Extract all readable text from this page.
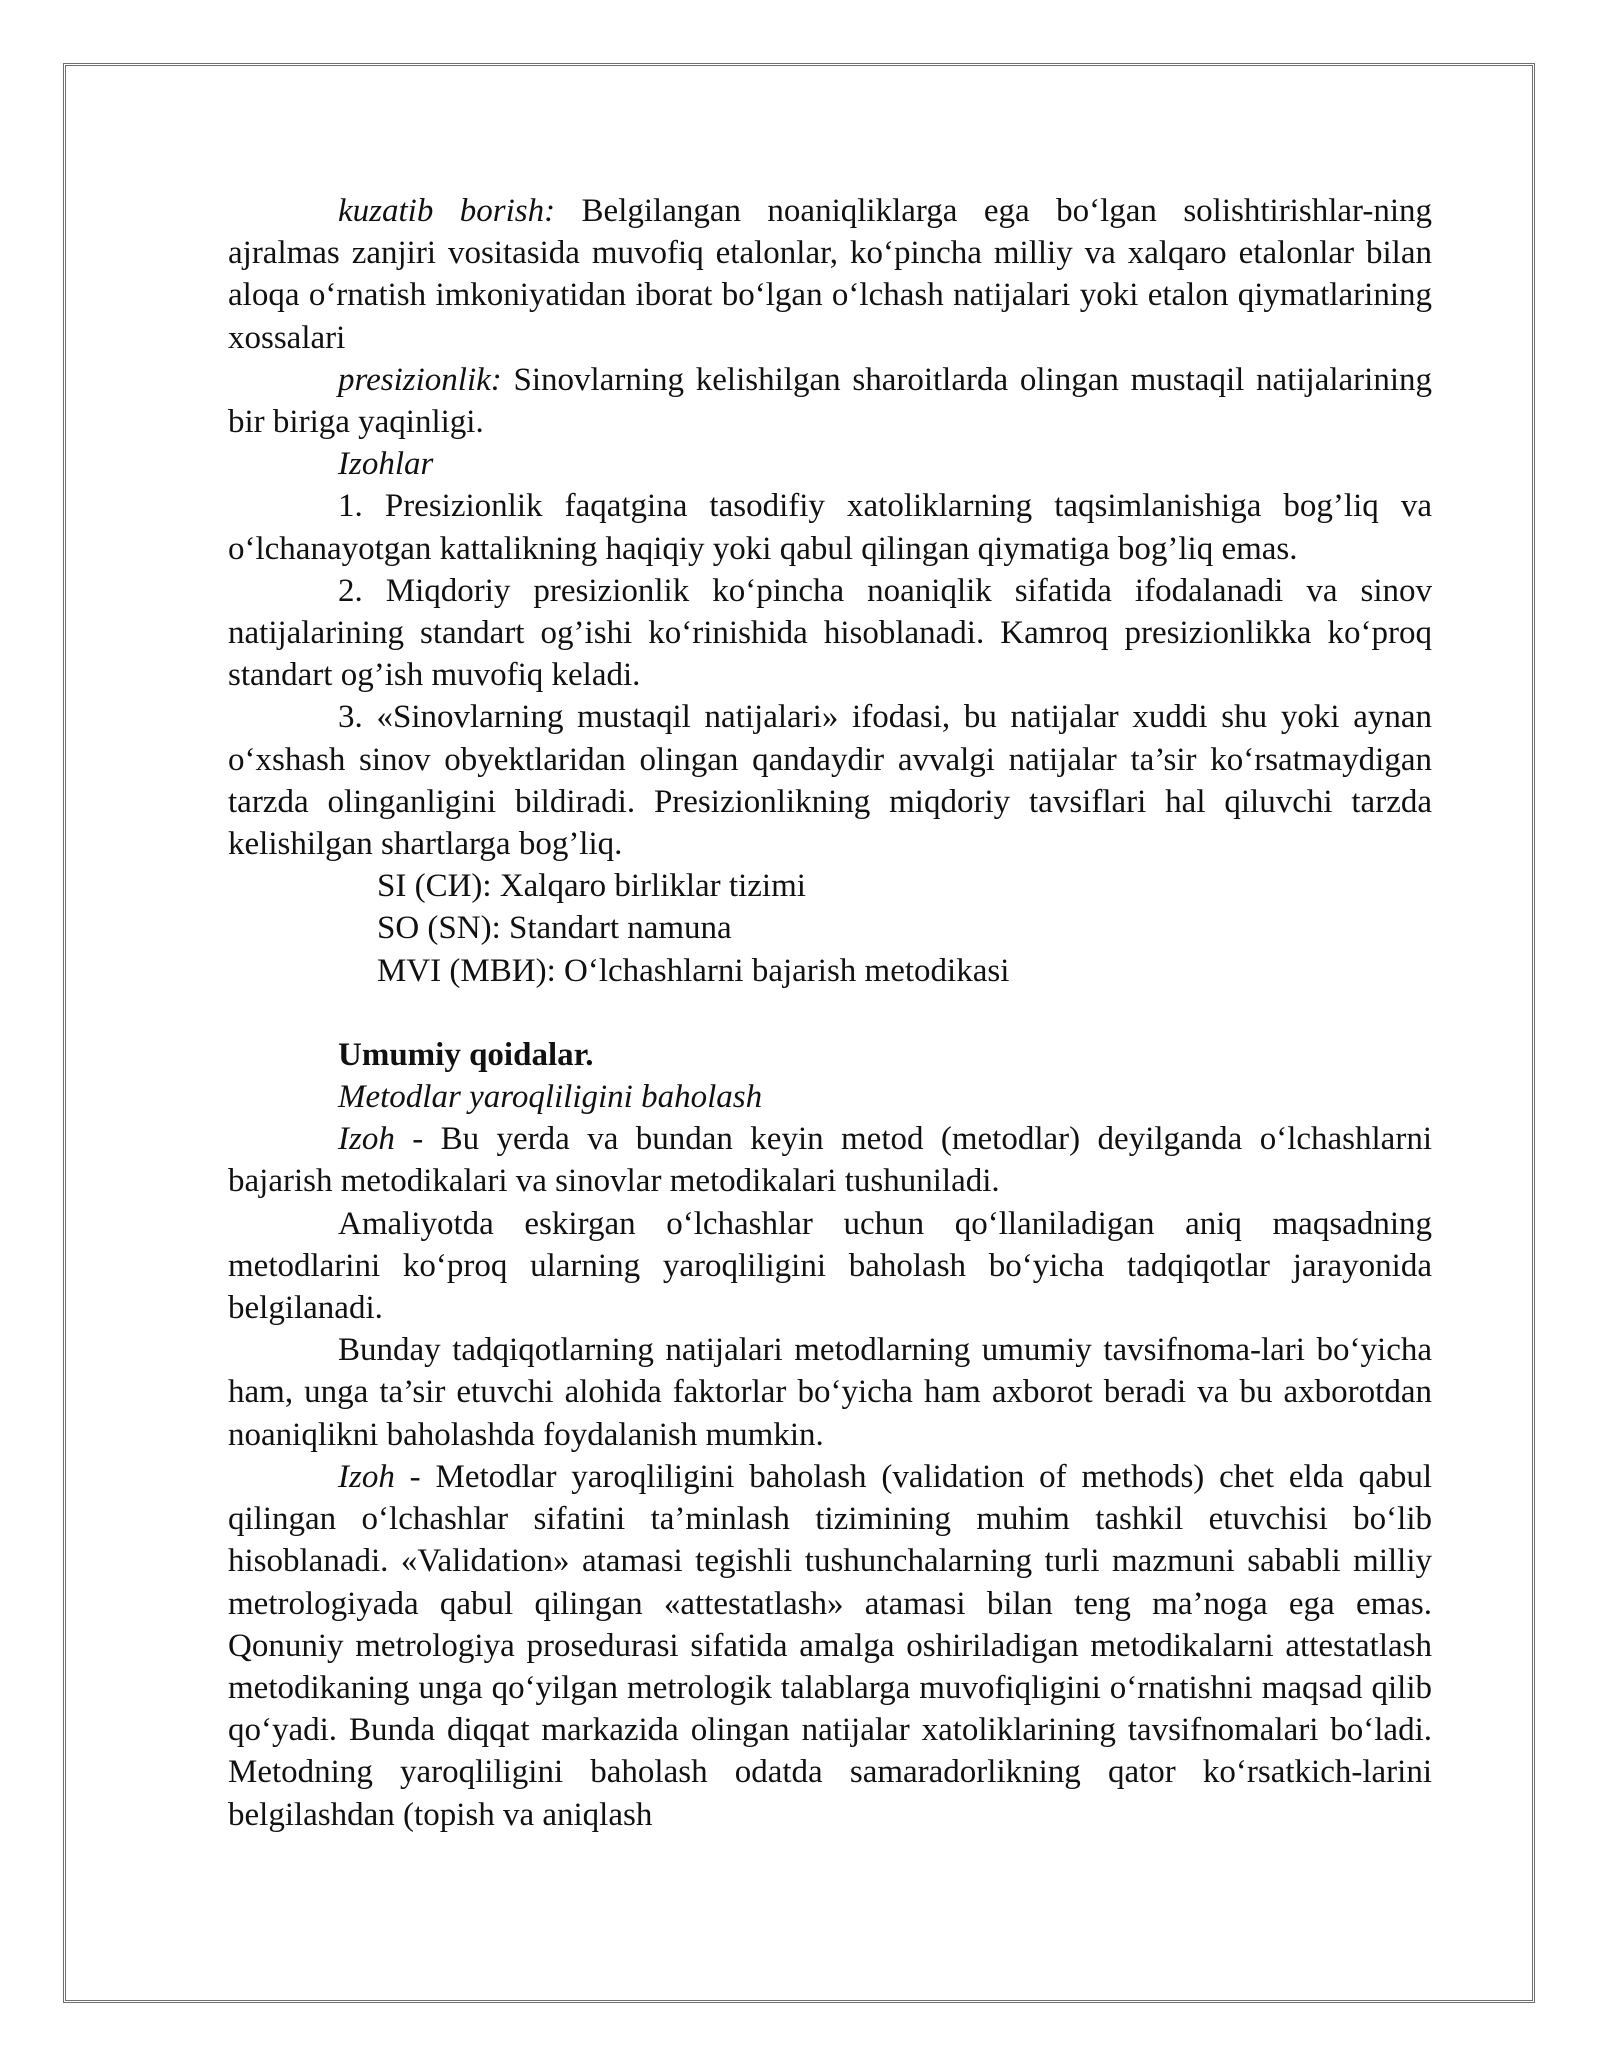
kuzatib borish: Belgilangan noaniqliklarga ega bo‘lgan solishtirishlar-ning ajralmas zanjiri vositasida muvofiq etalonlar, ko‘pincha milliy va xalqaro etalonlar bilan aloqa o‘rnatish imkoniyatidan iborat bo‘lgan o‘lchash natijalari yoki etalon qiymatlarining xossalari

presizionlik: Sinovlarning kelishilgan sharoitlarda olingan mustaqil natijalarining bir biriga yaqinligi.

Izohlar

1. Presizionlik faqatgina tasodifiy xatoliklarning taqsimlanishiga bog’liq va o‘lchanayotgan kattalikning haqiqiy yoki qabul qilingan qiymatiga bog’liq emas.

2. Miqdoriy presizionlik ko‘pincha noaniqlik sifatida ifodalanadi va sinov natijalarining standart og’ishi ko‘rinishida hisoblanadi. Kamroq presizionlikka ko‘proq standart og’ish muvofiq keladi.

3. «Sinovlarning mustaqil natijalari» ifodasi, bu natijalar xuddi shu yoki aynan o‘xshash sinov obyektlaridan olingan qandaydir avvalgi natijalar ta’sir ko‘rsatmaydigan tarzda olinganligini bildiradi. Presizionlikning miqdoriy tavsiflari hal qiluvchi tarzda kelishilgan shartlarga bog’liq.

SI (СИ): Xalqaro birliklar tizimi

SO (SN): Standart namuna

MVI (МВИ): O‘lchashlarni bajarish metodikasi

Umumiy qoidalar.

Metodlar yaroqliligini baholash

Izoh - Bu yerda va bundan keyin metod (metodlar) deyilganda o‘lchashlarni bajarish metodikalari va sinovlar metodikalari tushuniladi.

Amaliyotda eskirgan o‘lchashlar uchun qo‘llaniladigan aniq maqsadning metodlarini ko‘proq ularning yaroqliligini baholash bo‘yicha tadqiqotlar jarayonida belgilanadi.

Bunday tadqiqotlarning natijalari metodlarning umumiy tavsifnoma-lari bo‘yicha ham, unga ta’sir etuvchi alohida faktorlar bo‘yicha ham axborot beradi va bu axborotdan noaniqlikni baholashda foydalanish mumkin.

Izoh - Metodlar yaroqliligini baholash (validation of methods) chet elda qabul qilingan o‘lchashlar sifatini ta’minlash tizimining muhim tashkil etuvchisi bo‘lib hisoblanadi. «Validation» atamasi tegishli tushunchalarning turli mazmuni sababli milliy metrologiyada qabul qilingan «attestatlash» atamasi bilan teng ma’noga ega emas. Qonuniy metrologiya prosedurasi sifatida amalga oshiriladigan metodikalarni attestatlash metodikaning unga qo‘yilgan metrologik talablarga muvofiqligini o‘rnatishni maqsad qilib qo‘yadi. Bunda diqqat markazida olingan natijalar xatoliklarining tavsifnomalari bo‘ladi. Metodning yaroqliligini baholash odatda samaradorlikning qator ko‘rsatkich-larini belgilashdan (topish va aniqlash
